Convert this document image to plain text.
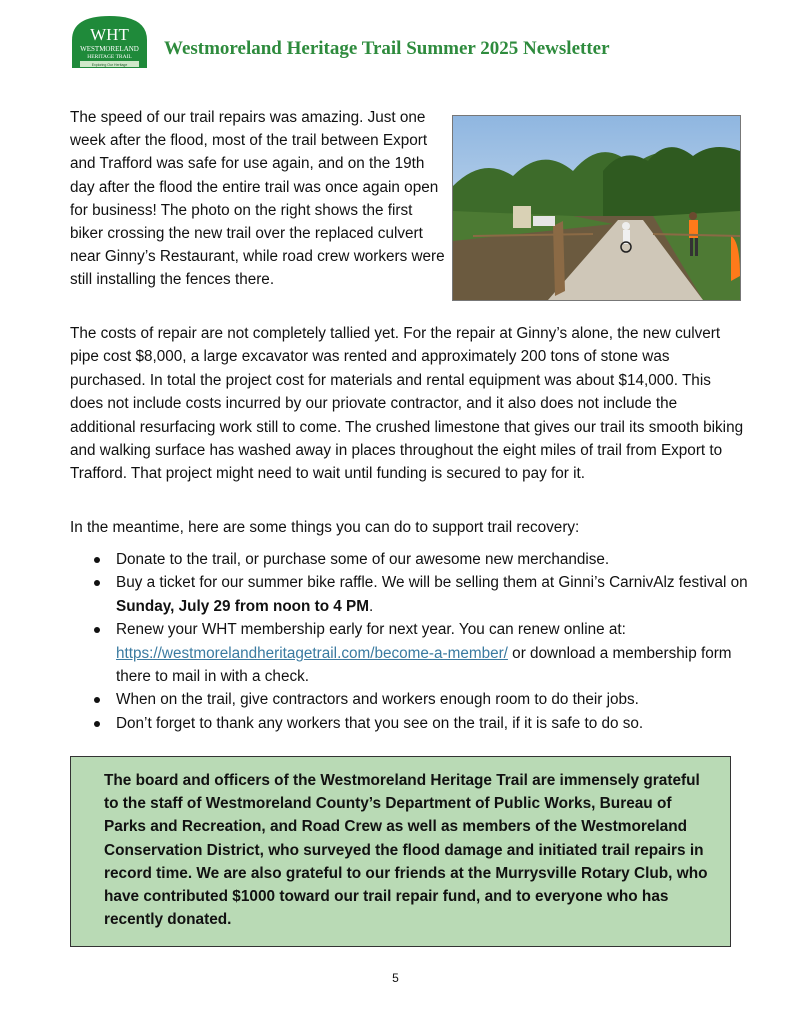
WHT
WESTMORELAND
HERITAGE TRAIL
Exploring Our Heritage
Westmoreland Heritage Trail Summer 2025 Newsletter

The speed of our trail repairs was amazing. Just one week after the flood, most of the trail between Export and Trafford was safe for use again, and on the 19th day after the flood the entire trail was once again open for business! The photo on the right shows the first biker crossing the new trail over the replaced culvert near Ginny’s Restaurant, while road crew workers were still installing the fences there.

The costs of repair are not completely tallied yet. For the repair at Ginny’s alone, the new culvert pipe cost $8,000, a large excavator was rented and approximately 200 tons of stone was purchased. In total the project cost for materials and rental equipment was about $14,000. This does not include costs incurred by our priovate contractor, and it also does not include the additional resurfacing work still to come. The crushed limestone that gives our trail its smooth biking and walking surface has washed away in places throughout the eight miles of trail from Export to Trafford. That project might need to wait until funding is secured to pay for it.

In the meantime, here are some things you can do to support trail recovery:

Donate to the trail, or purchase some of our awesome new merchandise.
Buy a ticket for our summer bike raffle. We will be selling them at Ginni’s CarnivAlz festival on Sunday, July 29 from noon to 4 PM.
Renew your WHT membership early for next year. You can renew online at: https://westmorelandheritagetrail.com/become-a-member/ or download a membership form there to mail in with a check.
When on the trail, give contractors and workers enough room to do their jobs.
Don’t forget to thank any workers that you see on the trail, if it is safe to do so.

The board and officers of the Westmoreland Heritage Trail are immensely grateful to the staff of Westmoreland County’s Department of Public Works, Bureau of Parks and Recreation, and Road Crew as well as members of the Westmoreland Conservation District, who surveyed the flood damage and initiated trail repairs in record time. We are also grateful to our friends at the Murrysville Rotary Club, who have contributed $1000 toward our trail repair fund, and to everyone who has recently donated.

5
